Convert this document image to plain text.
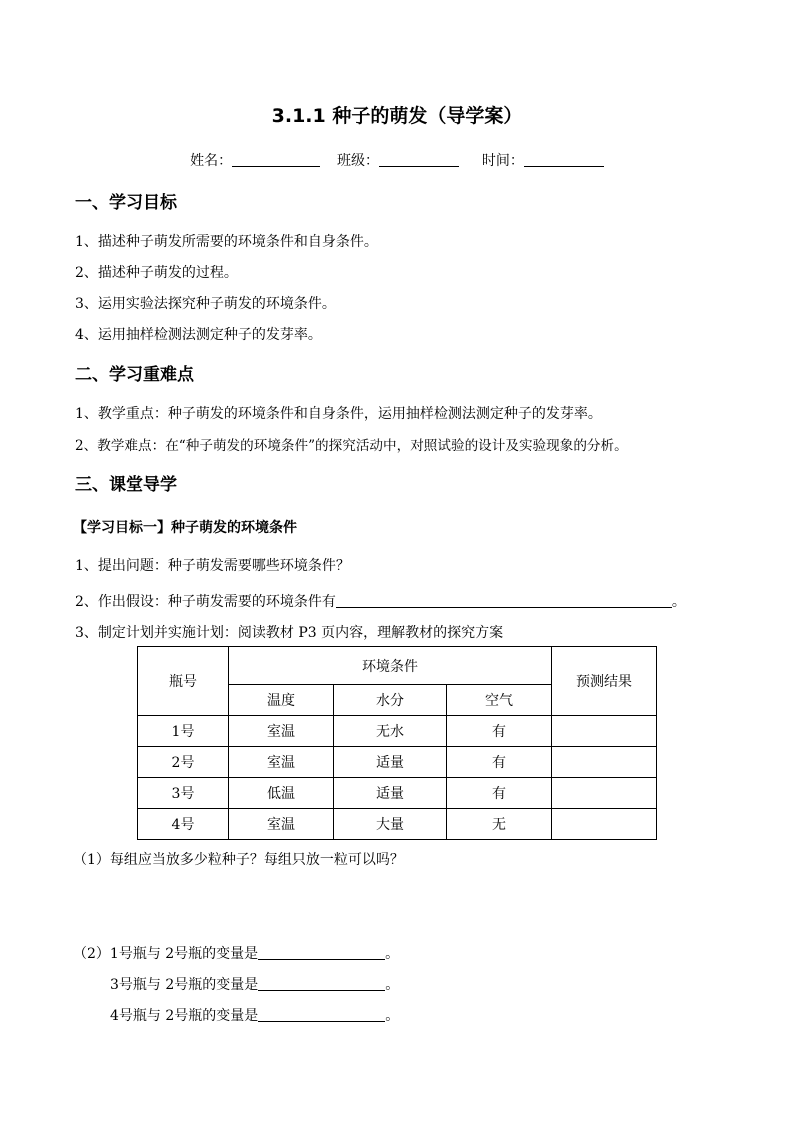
3.1.1 种子的萌发（导学案）
姓名：	班级：	时间：
一、学习目标
1、描述种子萌发所需要的环境条件和自身条件。
2、描述种子萌发的过程。
3、运用实验法探究种子萌发的环境条件。
4、运用抽样检测法测定种子的发芽率。
二、学习重难点
1、教学重点：种子萌发的环境条件和自身条件，运用抽样检测法测定种子的发芽率。
2、教学难点：在“种子萌发的环境条件”的探究活动中，对照试验的设计及实验现象的分析。
三、课堂导学
【学习目标一】种子萌发的环境条件
1、提出问题：种子萌发需要哪些环境条件？
2、作出假设：种子萌发需要的环境条件有	。
3、制定计划并实施计划：阅读教材 P3 页内容，理解教材的探究方案
瓶号	环境条件			预测结果
	温度	水分	空气	
1号	室温	无水	有	
2号	室温	适量	有	
3号	低温	适量	有	
4号	室温	大量	无	
（1）每组应当放多少粒种子？每组只放一粒可以吗？
（2）1号瓶与 2号瓶的变量是	。
3号瓶与 2号瓶的变量是	。
4号瓶与 2号瓶的变量是	。
